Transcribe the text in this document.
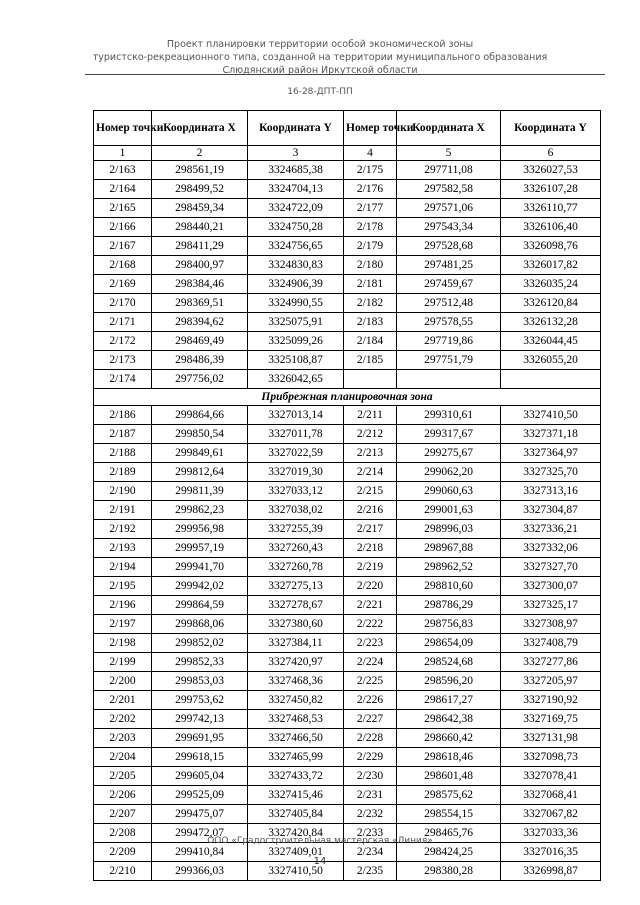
Проект планировки территории особой экономической зоны
туристско-рекреационного типа, созданной на территории муниципального образования
Слюдянский район Иркутской области
16-28-ДПТ-ПП
Номер точки	Координата X	Координата Y	Номер точки	Координата X	Координата Y
1	2	3	4	5	6
2/163	298561,19	3324685,38	2/175	297711,08	3326027,53
2/164	298499,52	3324704,13	2/176	297582,58	3326107,28
2/165	298459,34	3324722,09	2/177	297571,06	3326110,77
2/166	298440,21	3324750,28	2/178	297543,34	3326106,40
2/167	298411,29	3324756,65	2/179	297528,68	3326098,76
2/168	298400,97	3324830,83	2/180	297481,25	3326017,82
2/169	298384,46	3324906,39	2/181	297459,67	3326035,24
2/170	298369,51	3324990,55	2/182	297512,48	3326120,84
2/171	298394,62	3325075,91	2/183	297578,55	3326132,28
2/172	298469,49	3325099,26	2/184	297719,86	3326044,45
2/173	298486,39	3325108,87	2/185	297751,79	3326055,20
2/174	297756,02	3326042,65			
Прибрежная планировочная зона					
2/186	299864,66	3327013,14	2/211	299310,61	3327410,50
2/187	299850,54	3327011,78	2/212	299317,67	3327371,18
2/188	299849,61	3327022,59	2/213	299275,67	3327364,97
2/189	299812,64	3327019,30	2/214	299062,20	3327325,70
2/190	299811,39	3327033,12	2/215	299060,63	3327313,16
2/191	299862,23	3327038,02	2/216	299001,63	3327304,87
2/192	299956,98	3327255,39	2/217	298996,03	3327336,21
2/193	299957,19	3327260,43	2/218	298967,88	3327332,06
2/194	299941,70	3327260,78	2/219	298962,52	3327327,70
2/195	299942,02	3327275,13	2/220	298810,60	3327300,07
2/196	299864,59	3327278,67	2/221	298786,29	3327325,17
2/197	299868,06	3327380,60	2/222	298756,83	3327308,97
2/198	299852,02	3327384,11	2/223	298654,09	3327408,79
2/199	299852,33	3327420,97	2/224	298524,68	3327277,86
2/200	299853,03	3327468,36	2/225	298596,20	3327205,97
2/201	299753,62	3327450,82	2/226	298617,27	3327190,92
2/202	299742,13	3327468,53	2/227	298642,38	3327169,75
2/203	299691,95	3327466,50	2/228	298660,42	3327131,98
2/204	299618,15	3327465,99	2/229	298618,46	3327098,73
2/205	299605,04	3327433,72	2/230	298601,48	3327078,41
2/206	299525,09	3327415,46	2/231	298575,62	3327068,41
2/207	299475,07	3327405,84	2/232	298554,15	3327067,82
2/208	299472,07	3327420,84	2/233	298465,76	3327033,36
2/209	299410,84	3327409,01	2/234	298424,25	3327016,35
2/210	299366,03	3327410,50	2/235	298380,28	3326998,87
ООО «Градостроительная мастерская «Линия»
14
